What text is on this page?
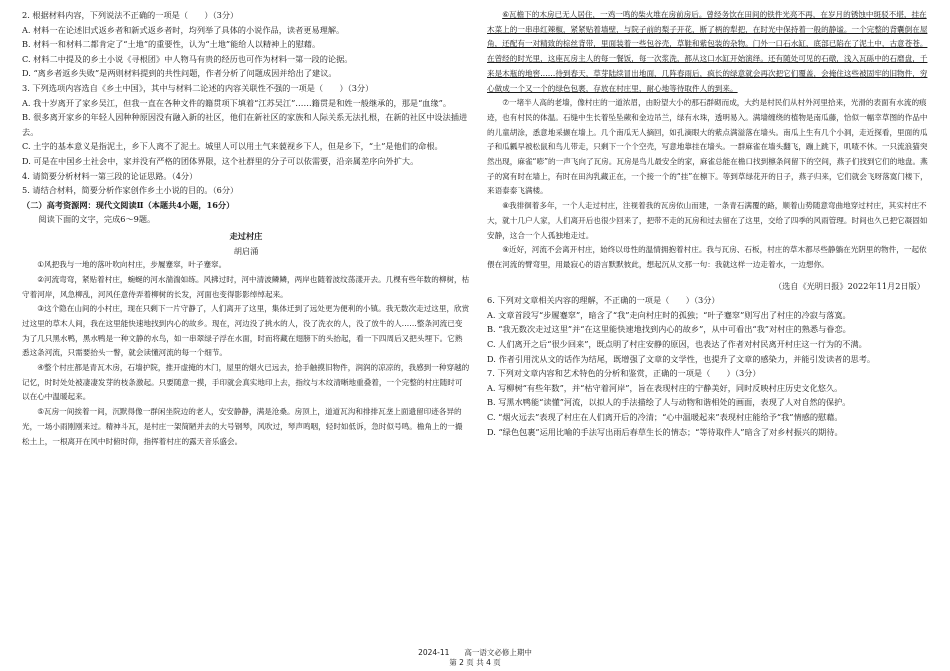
2. 根据材料内容，下列说法不正确的一项是（　　）（3分）

A. 材料一在论述旧式返乡者和新式返乡者时，均列举了具体的小说作品，读者更易理解。

B. 材料一和材料二都肯定了“土地”的重要性，认为“土地”能给人以精神上的慰藉。

C. 材料二中提及的乡土小说《寻根团》中人物马有贵的经历也可作为材料一第一段的论据。

D. “离乡者返乡失败”是两则材料提到的共性问题，作者分析了问题成因并给出了建议。

3. 下列选项内容选自《乡土中国》，其中与材料二论述的内容关联性不强的一项是（　　）（3分）

A. 我十岁离开了家乡吴江，但我一直在各种文件的籍贯项下填着“江苏吴江”……籍贯是和姓一般继承的，那是“血缘”。

B. 很多离开家乡的年轻人因种种原因没有融入新的社区，他们在新社区的家族和人际关系无法扎根，在新的社区中设法插进去。

C. 土字的基本意义是指泥土，乡下人离不了泥土。城里人可以用土气来藐视乡下人，但是乡下，“土”是他们的命根。

D. 可是在中国乡土社会中，家并没有严格的团体界限，这个社群里的分子可以依需要，沿亲属差序向外扩大。

4. 请简要分析材料一第三段的论证思路。（4分）

5. 请结合材料，简要分析作家创作乡土小说的目的。（6分）

（二）高考资源网：现代文阅读Ⅱ（本题共4小题，16分）

阅读下面的文字，完成6～9题。

走过村庄

胡启涌

①风把我与一地的落叶吹向村庄，步履蹇窣，叶子蹇窣。

②河流弯弯，紧贴着村庄，蜿蜒的河水湍湍如练。风拂过时，河中清波鳞鳞，两岸也随着波纹荡漾开去。几棵有些年数的柳树，枯守着河岸，风急柳乱，河风任意侍弄着柳树的长发，河面也变得影影绰绰起来。

③这个隐在山间的小村庄，现在只剩下一片守静了，人们离开了这里，集体迁到了远处更为便利的小镇。我无数次走过这里，欣赏过这里的草木人间，我在这里能快速地找到内心的故乡。现在，河边没了挑水的人，没了洗衣的人，没了放牛的人……整条河流已变为了几只黑水鸭，黑水鸭是一种文静的水鸟，如一串翠绿子浮在水面，时而将藏在翅膀下的头抬起，看一下四周后又把头埋下。它熟悉这条河流，只需要抬头一瞥，就会读懂河流的每一个细节。

④整个村庄都是青瓦木房，石墙护院，推开虚掩的木门，屋里的烟火已远去，拾手触摸旧物件，润润的凉凉的，我感到一种穿越的记忆，时时处处被凄凄发芽的枝条激起。只要随意一摸，手印就会真实地印上去，指纹与木纹清晰地重叠着，一个完整的村庄随时可以在心中温暖起来。

⑤瓦房一间挨着一间，沉默得像一群闲坐院边的老人，安安静静，满是沧桑。房顶上，道道瓦沟和排排瓦垄上面遗留印迹各异的光，一场小雨刚刚来过。精神斗瓦，是村庄一架简陋并去的大号钢琴，风吹过，琴声鸣咽，轻时如低诉，急时似号鸣。檐角上的一撮松土上，一根离开在风中时俯时仰，指挥着村庄的露天音乐盛会。

⑥瓦檐下的木房已无人居住，一鸡一鸣的柴火堆在房前房后。曾经务饮在田间的铁件光亮不再，在岁月的锈蚀中斑驳不堪，挂在木菜上的一串串红辣椒，紧紧贴着墙壁，与院子前的梨子开花，断了柄的犁把，在时光中保持着一般的静谧。一个完整的背囊倒在屋角，还配有一对精致的棕丝背带，里面装着一些包谷壳，草鞋和紫包装的杂物。门外一口石水缸，底部已陷在了泥土中，古意苍苍。在曾经的时光里，这座瓦房主人的每一餐饭，每一次浆洗，都从这口水缸开始演绎。还有随处可见的石礅，浅入瓦砾中的石磨盘，千来是木瓶的地窖……待到春天，草芽陆续冒出地面，几阵春雨后，疯长的绿意就会再次把它们覆盖，会掩住这些被固牢的旧物件，穷心做成一个又一个的绿色包裹，存放在村庄里，耐心地等待取件人的到来。

⑦一堵半人高的老墙，像村庄的一道浓眉，由盼望大小的那石群砌而成，大约是村民们从村外河里拾来，光滑的表面有水流的痕迹，也有村民的体温。石缝中生长着坠坠蕨和金边吊兰，绿有水珠，透明易入。满墙缠绕的植物是南瓜藤，恰似一幅幸草图的作品中的儿童胡涂，悉意地采撷在墙上。几个南瓜无人摘回，如孔滴眼大的紫点满溢落在墙头。南瓜上生有几个小洞，走近探看，里面的瓜子和瓜瓤早被松鼠和鸟儿带走，只剩下一个个空壳，写意地靠挂在墙头。一群麻雀在墙头翻飞，蹦上跳下，叽喳不休。一只流浪猫突然出现，麻雀“嘭”的一声飞向了瓦房。瓦房是鸟儿最安全的家，麻雀总能在檐口找到檩条间留下的空间，燕子们找到它们的地盘。燕子的窝有时在墙上，有时在田沟乳藏正在，一个接一个的“挂”在檩下。等到草绿花开的日子，燕子归来，它们就会飞呀落寞门楼下，来语泰泰飞满楼。

⑧我徘徊着多年，一个人走过村庄，注视着我的瓦房依山而建，一条青石满覆的路，顺着山势随意弯曲地穿过村庄，其实村庄不大，就十几户人家，人们离开后也很少回来了，把带不走的瓦房和过去留在了这里，交给了四季的风雨管理。时间也久已把它凝固如安静，这合一个人孤独地走过。

⑨近好，河流不会离开村庄，始终以母性的温情拥抱着村庄。我与瓦房、石板，村庄的草木都尽些静躺在光阴里的物件，一起依偎在河流的臂弯里，用最寂心的语言默默彼此，想起沉从文那一句：我就这样一边走着水，一边想你。

（选自《光明日报》2022年11月2日版）

6. 下列对文章相关内容的理解，不正确的一项是（　　）（3分）

A. 文章首段写“步履蹇窣”，暗含了“我”走向村庄时的孤独；“叶子蹇窣”则写出了村庄的冷寂与落寞。

B. “我无数次走过这里”并“在这里能快速地找到内心的故乡”，从中可看出“我”对村庄的熟悉与眷恋。

C. 人们离开之后“很少回来”，既点明了村庄安静的原因，也表达了作者对村民离开村庄这一行为的不满。

D. 作者引用沈从文的话作为结尾，既增强了文章的文学性，也提升了文章的感染力，并能引发读者的思考。

7. 下列对文章内容和艺术特色的分析和鉴赏，正确的一项是（　　）（3分）

A. 写柳树“有些年数”，并“枯守着河岸”，旨在表现村庄的宁静美好，同时反映村庄历史文化悠久。

B. 写黑水鸭能“读懂”河流，以拟人的手法描绘了人与动物和谐相处的画面，表现了人对自然的保护。

C. “烟火远去”表现了村庄在人们离开后的冷清；“心中温暖起来”表现村庄能给予“我”情感的慰藉。

D. “绿色包裹”运用比喻的手法写出雨后春草生长的情态；“等待取件人”暗含了对乡村振兴的期待。

2024-11　　高一语文必修上期中
第 2 页 共 4 页
